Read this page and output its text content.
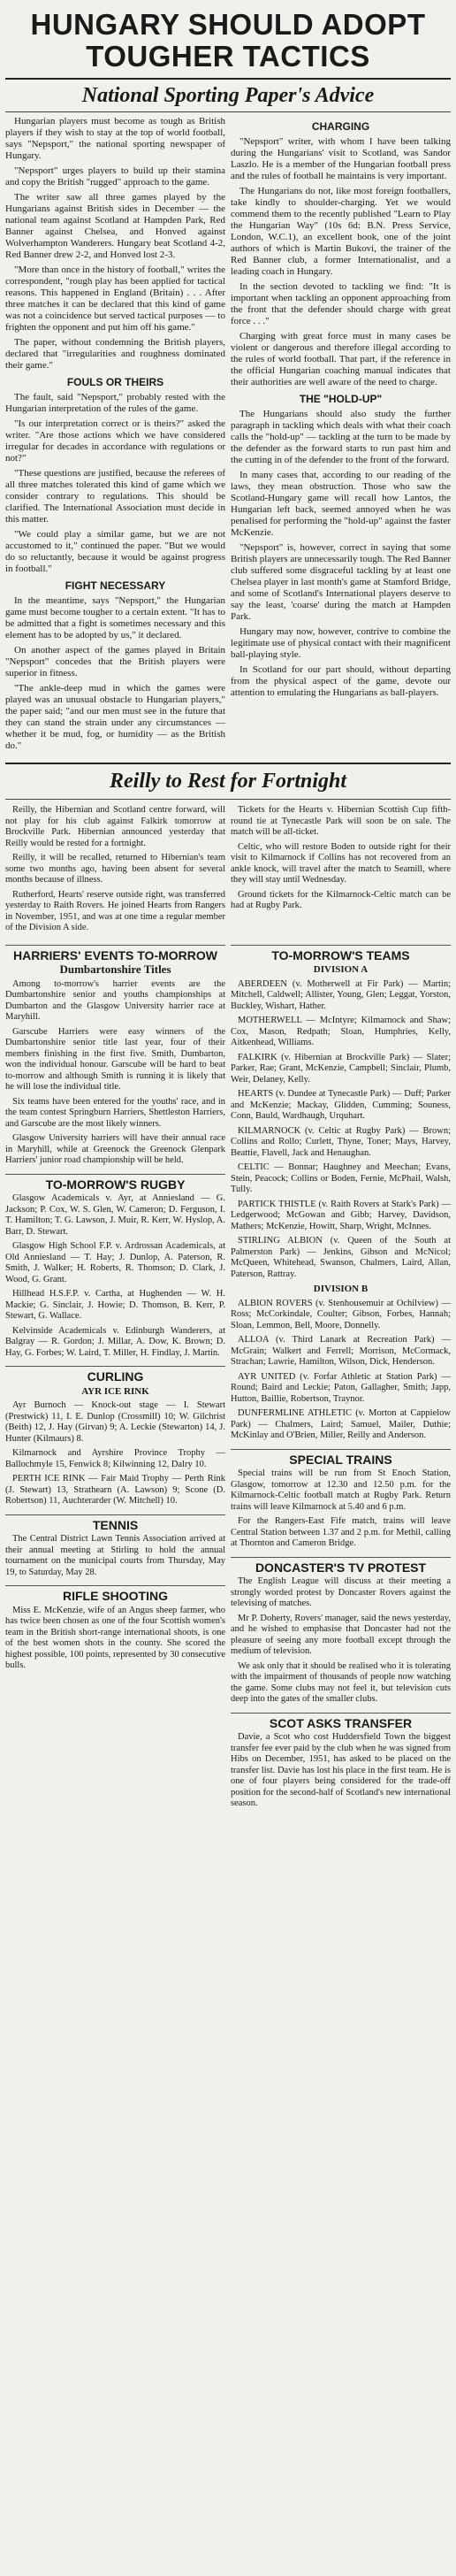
HUNGARY SHOULD ADOPT
TOUGHER TACTICS
National Sporting Paper's Advice

Hungarian players must become as tough as British players if they wish to stay at the top of world football, says "Nepsport," the national sporting newspaper of Hungary.

"Nepsport" urges players to build up their stamina and copy the British "rugged" approach to the game.

The writer saw all three games played by the Hungarians against British sides in December — the national team against Scotland at Hampden Park, Red Banner against Chelsea, and Honved against Wolverhampton Wanderers. Hungary beat Scotland 4-2, Red Banner drew 2-2, and Honved lost 2-3.

"More than once in the history of football," writes the correspondent, "rough play has been applied for tactical reasons. This happened in England (Britain) . . . After three matches it can be declared that this kind of game was not a coincidence but served tactical purposes — to frighten the opponent and put him off his game."

The paper, without condemning the British players, declared that "irregularities and roughness dominated their game."

FOULS OR THEIRS

The fault, said "Nepsport," probably rested with the Hungarian interpretation of the rules of the game.

"Is our interpretation correct or is theirs?" asked the writer. "Are those actions which we have considered irregular for decades in accordance with regulations or not?"

"These questions are justified, because the referees of all three matches tolerated this kind of game which we consider contrary to regulations. This should be clarified. The International Association must decide in this matter.

"We could play a similar game, but we are not accustomed to it," continued the paper. "But we would do so reluctantly, because it would be against progress in football."

FIGHT NECESSARY

In the meantime, says "Nepsport," the Hungarian game must become tougher to a certain extent. "It has to be admitted that a fight is sometimes necessary and this element has to be adopted by us," it declared.

On another aspect of the games played in Britain "Nepsport" concedes that the British players were superior in fitness.

"The ankle-deep mud in which the games were played was an unusual obstacle to Hungarian players," the paper said; "and our men must see in the future that they can stand the strain under any circumstances — whether it be mud, fog, or humidity — as the British do."

CHARGING

"Nepsport" writer, with whom I have been talking during the Hungarians' visit to Scotland, was Sandor Laszlo. He is a member of the Hungarian football press and the rules of football he maintains is very important.

The Hungarians do not, like most foreign footballers, take kindly to shoulder-charging. Yet we would commend them to the recently published "Learn to Play the Hungarian Way" (10s 6d: B.N. Press Service, London, W.C.1), an excellent book, one of the joint authors of which is Martin Bukovi, the trainer of the Red Banner club, a former Internationalist, and a leading coach in Hungary.

In the section devoted to tackling we find: "It is important when tackling an opponent approaching from the front that the defender should charge with great force . . ."

Charging with great force must in many cases be violent or dangerous and therefore illegal according to the rules of world football. That part, if the reference in the official Hungarian coaching manual indicates that their authorities are well aware of the need to charge.

THE "HOLD-UP"

The Hungarians should also study the further paragraph in tackling which deals with what their coach calls the "hold-up" — tackling at the turn to be made by the defender as the forward starts to run past him and the cutting in of the defender to the front of the forward.

In many cases that, according to our reading of the laws, they mean obstruction. Those who saw the Scotland-Hungary game will recall how Lantos, the Hungarian left back, seemed annoyed when he was penalised for performing the "hold-up" against the faster McKenzie.

"Nepsport" is, however, correct in saying that some British players are unnecessarily tough. The Red Banner club suffered some disgraceful tackling by at least one Chelsea player in last month's game at Stamford Bridge, and some of Scotland's International players deserve to say the least, 'coarse' during the match at Hampden Park.

Hungary may now, however, contrive to combine the legitimate use of physical contact with their magnificent ball-playing style.

In Scotland for our part should, without departing from the physical aspect of the game, devote our attention to emulating the Hungarians as ball-players.

Reilly to Rest for Fortnight

Reilly, the Hibernian and Scotland centre forward, will not play for his club against Falkirk tomorrow at Brockville Park. Hibernian announced yesterday that Reilly would be rested for a fortnight.

Reilly, it will be recalled, returned to Hibernian's team some two months ago, having been absent for several months because of illness.

Rutherford, Hearts' reserve outside right, was transferred yesterday to Raith Rovers. He joined Hearts from Rangers in November, 1951, and was at one time a regular member of the Division A side.

Tickets for the Hearts v. Hibernian Scottish Cup fifth-round tie at Tynecastle Park will soon be on sale. The match will be all-ticket.

Celtic, who will restore Boden to outside right for their visit to Kilmarnock if Collins has not recovered from an ankle knock, will travel after the match to Seamill, where they will stay until Wednesday.

Ground tickets for the Kilmarnock-Celtic match can be had at Rugby Park.

HARRIERS' EVENTS TO-MORROW
Dumbartonshire Titles

Among to-morrow's harrier events are the Dumbartonshire senior and youths championships at Dumbarton and the Glasgow University harrier race at Maryhill.

Garscube Harriers were easy winners of the Dumbartonshire senior title last year, four of their members finishing in the first five. Smith, Dumbarton, won the individual honour. Garscube will be hard to beat to-morrow and although Smith is running it is likely that he will lose the individual title.

Six teams have been entered for the youths' race, and in the team contest Springburn Harriers, Shettleston Harriers, and Garscube are the most likely winners.

Glasgow University harriers will have their annual race in Maryhill, while at Greenock the Greenock Glenpark Harriers' junior road championship will be held.

TO-MORROW'S RUGBY

Glasgow Academicals v. Ayr, at Anniesland — G. Jackson; P. Cox, W. S. Glen, W. Cameron; D. Ferguson, I. T. Hamilton; T. G. Lawson, J. Muir, R. Kerr, W. Hyslop, A. Barr, D. Stewart.

Glasgow High School F.P. v. Ardrossan Academicals, at Old Anniesland — T. Hay; J. Dunlop, A. Paterson, R. Smith, J. Walker; H. Roberts, R. Thomson; D. Clark, J. Wood, G. Grant.

Hillhead H.S.F.P. v. Cartha, at Hughenden — W. H. Mackie; G. Sinclair, J. Howie; D. Thomson, B. Kerr, P. Stewart, G. Wallace.

Kelvinside Academicals v. Edinburgh Wanderers, at Balgray — R. Gordon; J. Millar, A. Dow, K. Brown; D. Hay, G. Forbes; W. Laird, T. Miller, H. Findlay, J. Martin.

CURLING
AYR ICE RINK

Ayr Burnoch — Knock-out stage — I. Stewart (Prestwick) 11, I. E. Dunlop (Crossmill) 10; W. Gilchrist (Beith) 12, J. Hay (Girvan) 9; A. Leckie (Stewarton) 14, J. Hunter (Kilmaurs) 8.

Kilmarnock and Ayrshire Province Trophy — Ballochmyle 15, Fenwick 8; Kilwinning 12, Dalry 10.

PERTH ICE RINK — Fair Maid Trophy — Perth Rink (J. Stewart) 13, Strathearn (A. Lawson) 9; Scone (D. Robertson) 11, Auchterarder (W. Mitchell) 10.

TENNIS

The Central District Lawn Tennis Association arrived at their annual meeting at Stirling to hold the annual tournament on the municipal courts from Thursday, May 19, to Saturday, May 28.

RIFLE SHOOTING

Miss E. McKenzie, wife of an Angus sheep farmer, who has twice been chosen as one of the four Scottish women's team in the British short-range international shoots, is one of the best women shots in the county. She scored the highest possible, 100 points, represented by 30 consecutive bulls.

TO-MORROW'S TEAMS
DIVISION A

ABERDEEN (v. Motherwell at Fir Park) — Martin; Mitchell, Caldwell; Allister, Young, Glen; Leggat, Yorston, Buckley, Wishart, Hather.

MOTHERWELL — McIntyre; Kilmarnock and Shaw; Cox, Mason, Redpath; Sloan, Humphries, Kelly, Aitkenhead, Williams.

FALKIRK (v. Hibernian at Brockville Park) — Slater; Parker, Rae; Grant, McKenzie, Campbell; Sinclair, Plumb, Weir, Delaney, Kelly.

HEARTS (v. Dundee at Tynecastle Park) — Duff; Parker and McKenzie; Mackay, Glidden, Cumming; Souness, Conn, Bauld, Wardhaugh, Urquhart.

KILMARNOCK (v. Celtic at Rugby Park) — Brown; Collins and Rollo; Curlett, Thyne, Toner; Mays, Harvey, Beattie, Flavell, Jack and Henaughan.

CELTIC — Bonnar; Haughney and Meechan; Evans, Stein, Peacock; Collins or Boden, Fernie, McPhail, Walsh, Tully.

PARTICK THISTLE (v. Raith Rovers at Stark's Park) — Ledgerwood; McGowan and Gibb; Harvey, Davidson, Mathers; McKenzie, Howitt, Sharp, Wright, McInnes.

STIRLING ALBION (v. Queen of the South at Palmerston Park) — Jenkins, Gibson and McNicol; McQueen, Whitehead, Swanson, Chalmers, Laird, Allan, Paterson, Rattray.

DIVISION B

ALBION ROVERS (v. Stenhousemuir at Ochilview) — Ross; McCorkindale, Coulter; Gibson, Forbes, Hannah; Sloan, Lemmon, Bell, Moore, Donnelly.

ALLOA (v. Third Lanark at Recreation Park) — McGrain; Walkert and Ferrell; Morrison, McCormack, Strachan; Lawrie, Hamilton, Wilson, Dick, Henderson.

AYR UNITED (v. Forfar Athletic at Station Park) — Round; Baird and Leckie; Paton, Gallagher, Smith; Japp, Hutton, Baillie, Robertson, Traynor.

DUNFERMLINE ATHLETIC (v. Morton at Cappielow Park) — Chalmers, Laird; Samuel, Mailer, Duthie; McKinlay and O'Brien, Miller, Reilly and Anderson.

SPECIAL TRAINS

Special trains will be run from St Enoch Station, Glasgow, tomorrow at 12.30 and 12.50 p.m. for the Kilmarnock-Celtic football match at Rugby Park. Return trains will leave Kilmarnock at 5.40 and 6 p.m.

For the Rangers-East Fife match, trains will leave Central Station between 1.37 and 2 p.m. for Methil, calling at Thornton and Cameron Bridge.

DONCASTER'S TV PROTEST

The English League will discuss at their meeting a strongly worded protest by Doncaster Rovers against the televising of matches.

Mr P. Doherty, Rovers' manager, said the news yesterday, and he wished to emphasise that Doncaster had not the pleasure of seeing any more football except through the medium of television.

We ask only that it should be realised who it is tolerating with the impairment of thousands of people now watching the game. Some clubs may not feel it, but television cuts deep into the gates of the smaller clubs.

SCOT ASKS TRANSFER

Davie, a Scot who cost Huddersfield Town the biggest transfer fee ever paid by the club when he was signed from Hibs on December, 1951, has asked to be placed on the transfer list. Davie has lost his place in the first team. He is one of four players being considered for the trade-off position for the second-half of Scotland's new international season.
